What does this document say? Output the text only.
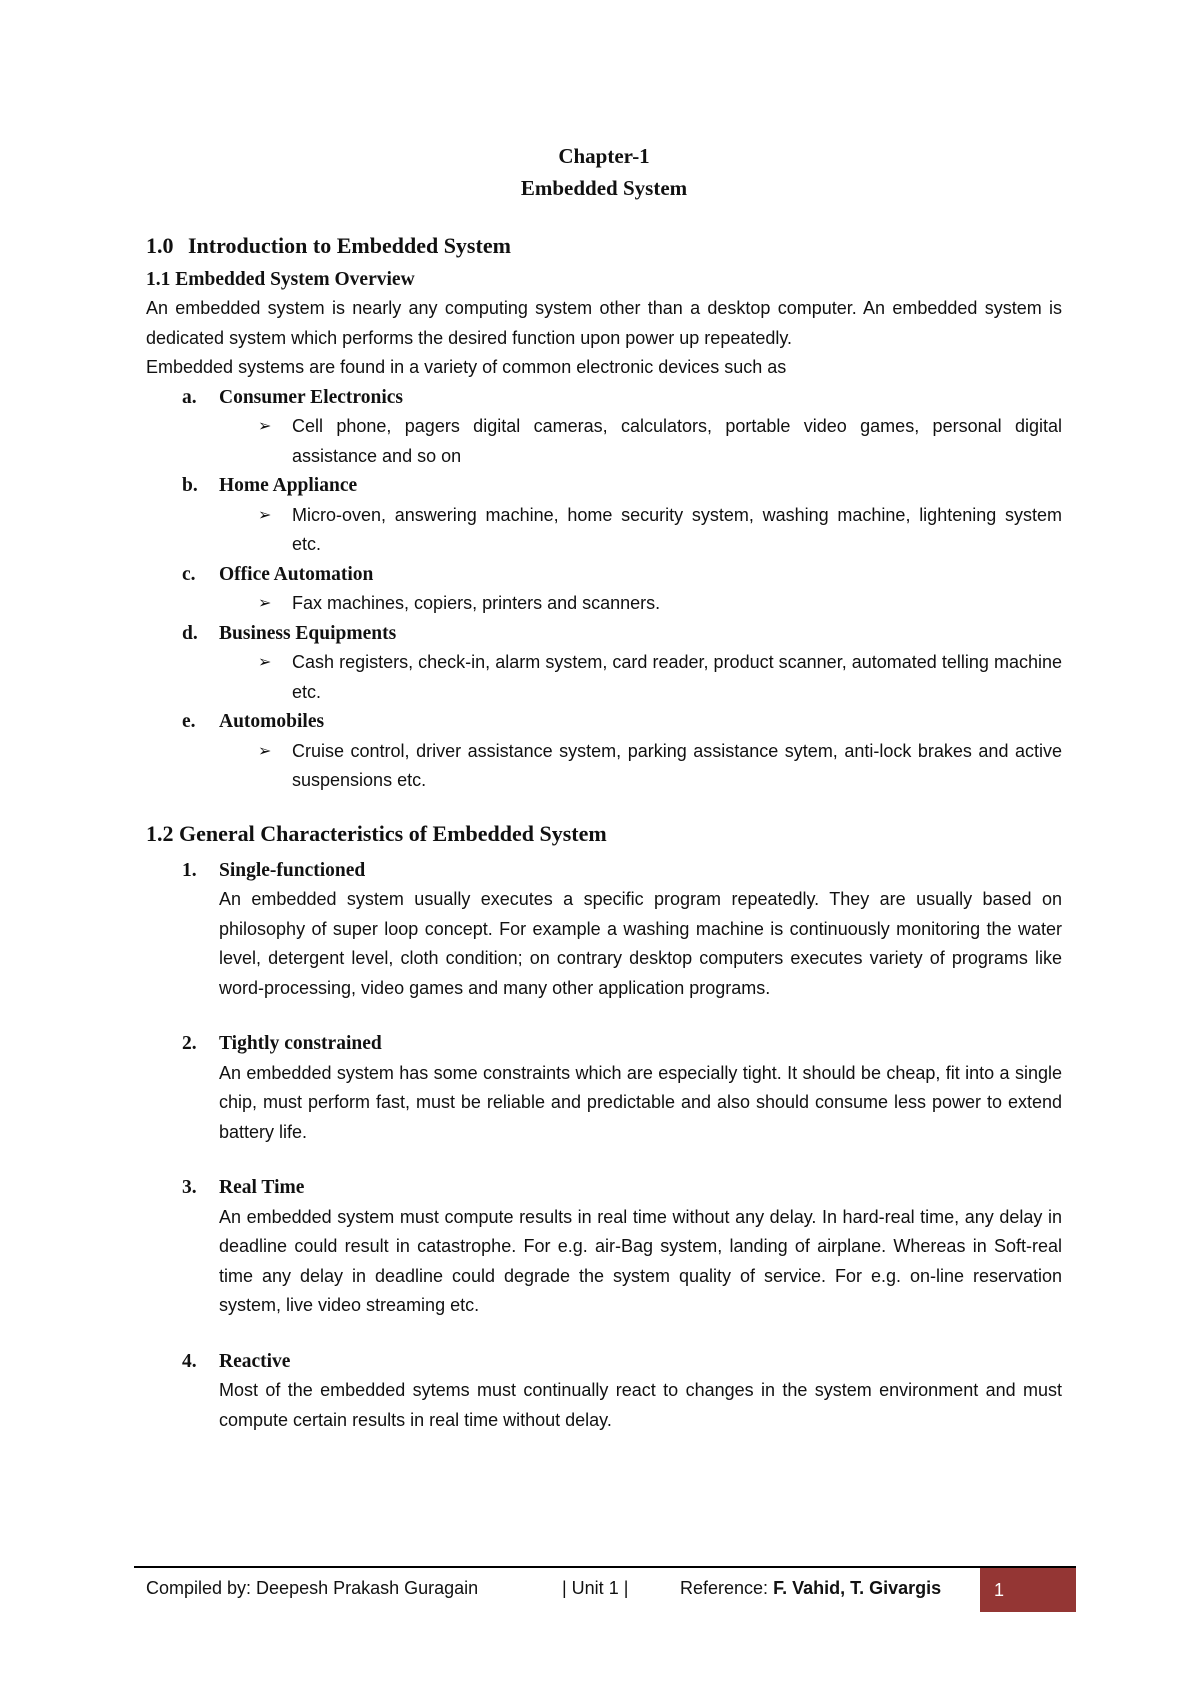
Chapter-1
Embedded System
1.0 Introduction to Embedded System
1.1 Embedded System Overview

An embedded system is nearly any computing system other than a desktop computer. An embedded system is dedicated system which performs the desired function upon power up repeatedly.

Embedded systems are found in a variety of common electronic devices such as

a.	Consumer Electronics
➢	Cell phone, pagers digital cameras, calculators, portable video games, personal digital assistance and so on
b.	Home Appliance
➢	Micro-oven, answering machine, home security system, washing machine, lightening system etc.
c.	Office Automation
➢	Fax machines, copiers, printers and scanners.
d.	Business Equipments
➢	Cash registers, check-in, alarm system, card reader, product scanner, automated telling machine etc.
e.	Automobiles
➢	Cruise control, driver assistance system, parking assistance sytem, anti-lock brakes and active suspensions etc.
1.2 General Characteristics of Embedded System
1.	Single-functioned

An embedded system usually executes a specific program repeatedly. They are usually based on philosophy of super loop concept. For example a washing machine is continuously monitoring the water level, detergent level, cloth condition; on contrary desktop computers executes variety of programs like word-processing, video games and many other application programs.

2.	Tightly constrained

An embedded system has some constraints which are especially tight. It should be cheap, fit into a single chip, must perform fast, must be reliable and predictable and also should consume less power to extend battery life.

3.	Real Time

An embedded system must compute results in real time without any delay. In hard-real time, any delay in deadline could result in catastrophe. For e.g. air-Bag system, landing of airplane. Whereas in Soft-real time any delay in deadline could degrade the system quality of service. For e.g. on-line reservation system, live video streaming etc.

4.	Reactive

Most of the embedded sytems must continually react to changes in the system environment and must compute certain results in real time without delay.

Compiled by: Deepesh Prakash Guragain	| Unit 1 |	Reference: F. Vahid, T. Givargis	1
